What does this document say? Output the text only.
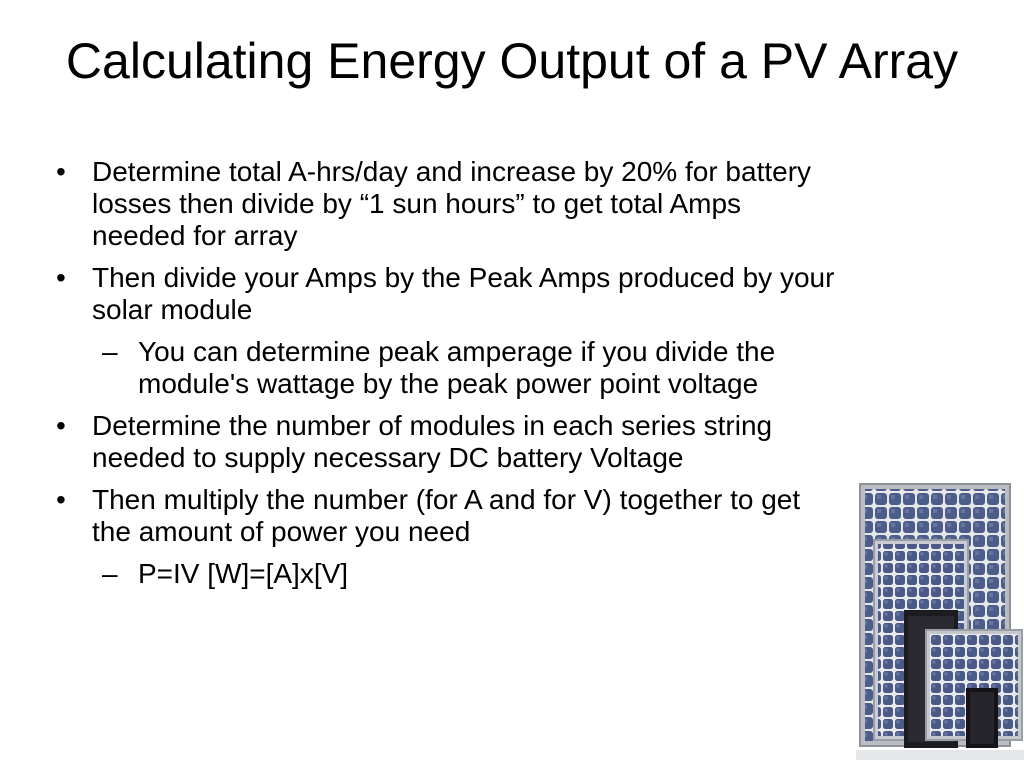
Calculating Energy Output of a PV Array
• Determine total A-hrs/day and increase by 20% for battery losses then divide by “1 sun hours” to get total Amps needed for array
• Then divide your Amps by the Peak Amps produced by your solar module
– You can determine peak amperage if you divide the module's wattage by the peak power point voltage
• Determine the number of modules in each series string needed to supply necessary DC battery Voltage
• Then multiply the number (for A and for V) together to get the amount of power you need
– P=IV [W]=[A]x[V]
